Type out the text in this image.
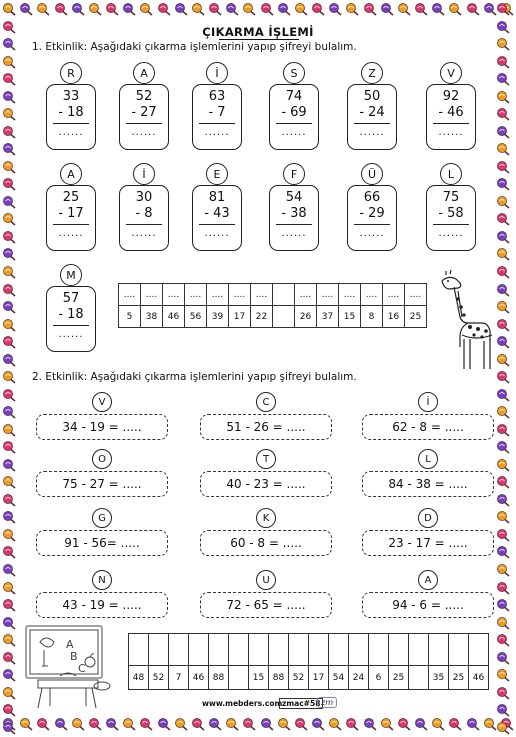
ÇIKARMA İŞLEMİ
1. Etkinlik: Aşağıdaki çıkarma işlemlerini yapıp şifreyi bulalım.
R
33
- 18
......
A
52
- 27
......
İ
63
- 7
......
S
74
- 69
......
Z
50
- 24
......
V
92
- 46
......
A
25
- 17
......
İ
30
- 8
......
E
81
- 43
......
F
54
- 38
......
Ü
66
- 29
......
L
75
- 58
......
M
57
- 18
......
....	....	....	....	....	....	....		....	....	....	....	....	....
5	38	46	56	39	17	22		26	37	15	8	16	25
2. Etkinlik: Aşağıdaki çıkarma işlemlerini yapıp şifreyi bulalım.
V
34 - 19 = .....
C
51 - 26 = .....
İ
62 - 8 = .....
O
75 - 27 = .....
T
40 - 23 = .....
L
84 - 38 = .....
G
91 - 56= .....
K
60 - 8 = .....
D
23 - 17 = .....
N
43 - 19 = .....
U
72 - 65 = .....
A
94 - 6 = .....
A
B
C

48	52	7	46	88		15	88	52	17	54	24	6	25		35	25	46
www.mebders.com zmac#58 zm
